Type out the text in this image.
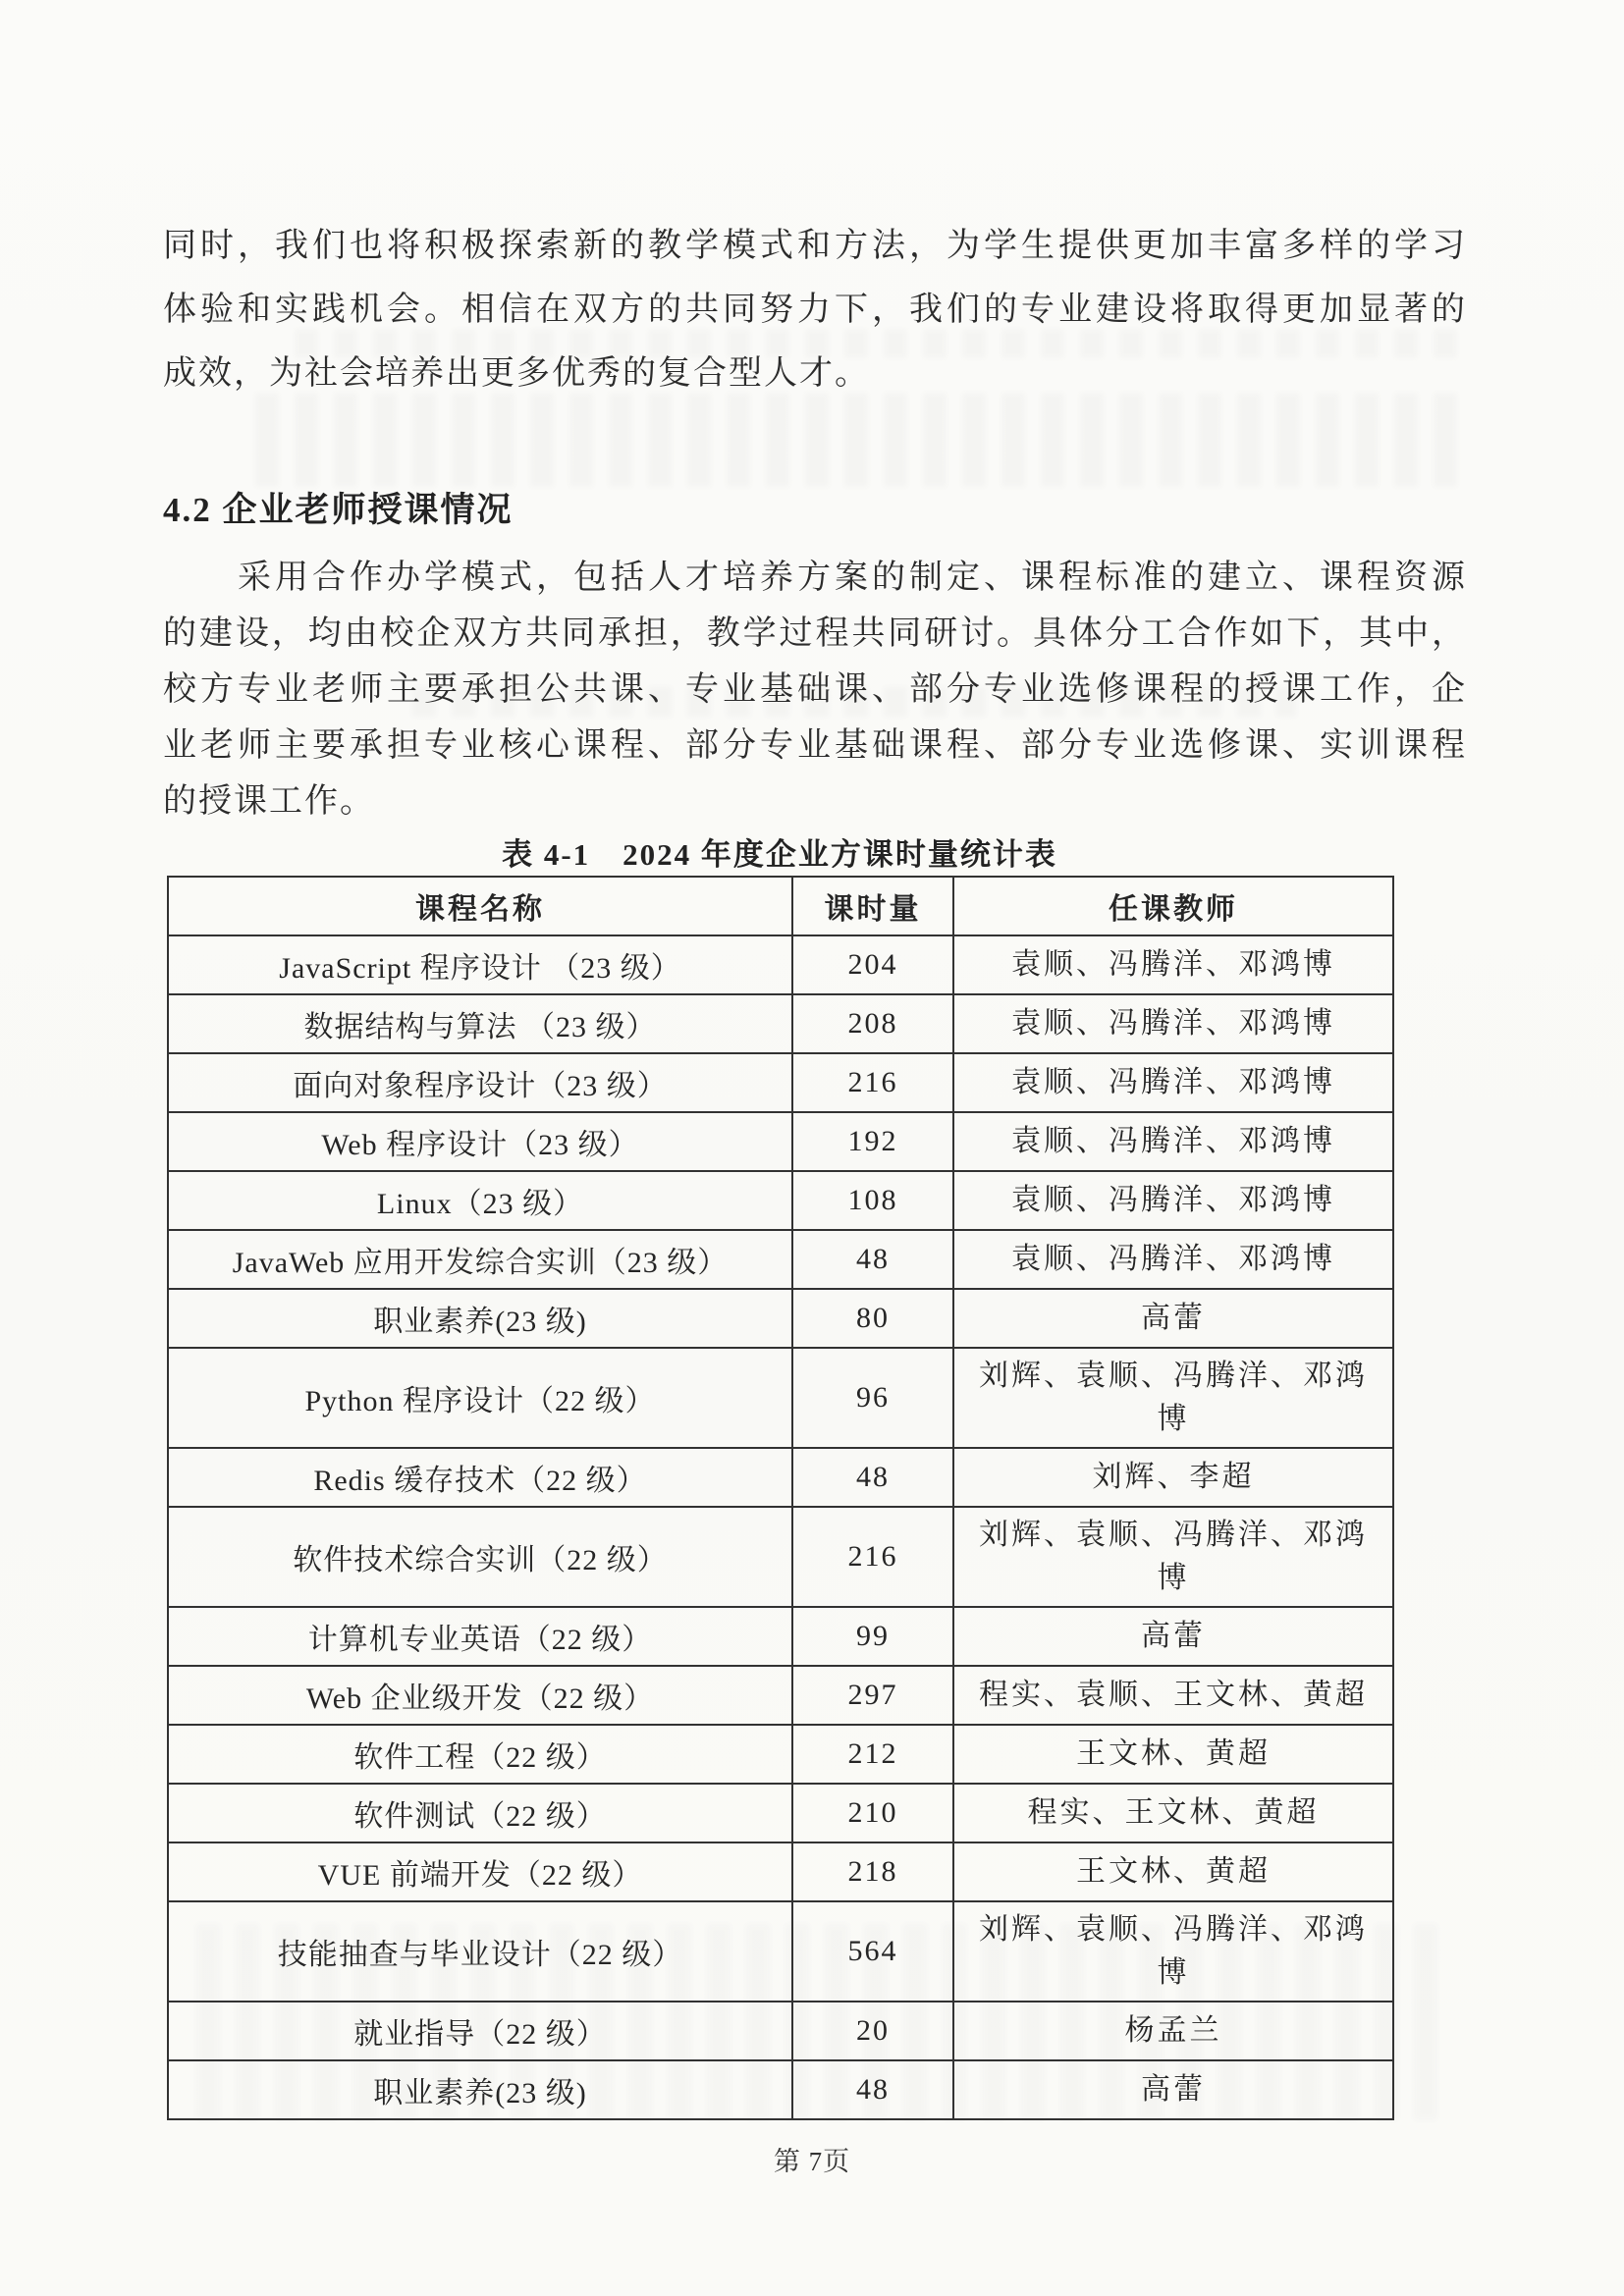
同时，我们也将积极探索新的教学模式和方法，为学生提供更加丰富多样的学习
体验和实践机会。相信在双方的共同努力下，我们的专业建设将取得更加显著的
成效，为社会培养出更多优秀的复合型人才。
4.2 企业老师授课情况
　　采用合作办学模式，包括人才培养方案的制定、课程标准的建立、课程资源
的建设，均由校企双方共同承担，教学过程共同研讨。具体分工合作如下，其中，
校方专业老师主要承担公共课、专业基础课、部分专业选修课程的授课工作，企
业老师主要承担专业核心课程、部分专业基础课程、部分专业选修课、实训课程
的授课工作。
表 4-1　2024 年度企业方课时量统计表
课程名称	课时量	任课教师
JavaScript 程序设计 （23 级）	204	袁顺、冯腾洋、邓鸿博
数据结构与算法 （23 级）	208	袁顺、冯腾洋、邓鸿博
面向对象程序设计（23 级）	216	袁顺、冯腾洋、邓鸿博
Web 程序设计（23 级）	192	袁顺、冯腾洋、邓鸿博
Linux（23 级）	108	袁顺、冯腾洋、邓鸿博
JavaWeb 应用开发综合实训（23 级）	48	袁顺、冯腾洋、邓鸿博
职业素养(23 级)	80	高蕾
Python 程序设计（22 级）	96	刘辉、袁顺、冯腾洋、邓鸿博
Redis 缓存技术（22 级）	48	刘辉、李超
软件技术综合实训（22 级）	216	刘辉、袁顺、冯腾洋、邓鸿博
计算机专业英语（22 级）	99	高蕾
Web 企业级开发（22 级）	297	程实、袁顺、王文林、黄超
软件工程（22 级）	212	王文林、黄超
软件测试（22 级）	210	程实、王文林、黄超
VUE 前端开发（22 级）	218	王文林、黄超
技能抽查与毕业设计（22 级）	564	刘辉、袁顺、冯腾洋、邓鸿博
就业指导（22 级）	20	杨孟兰
职业素养(23 级)	48	高蕾
第 7页
